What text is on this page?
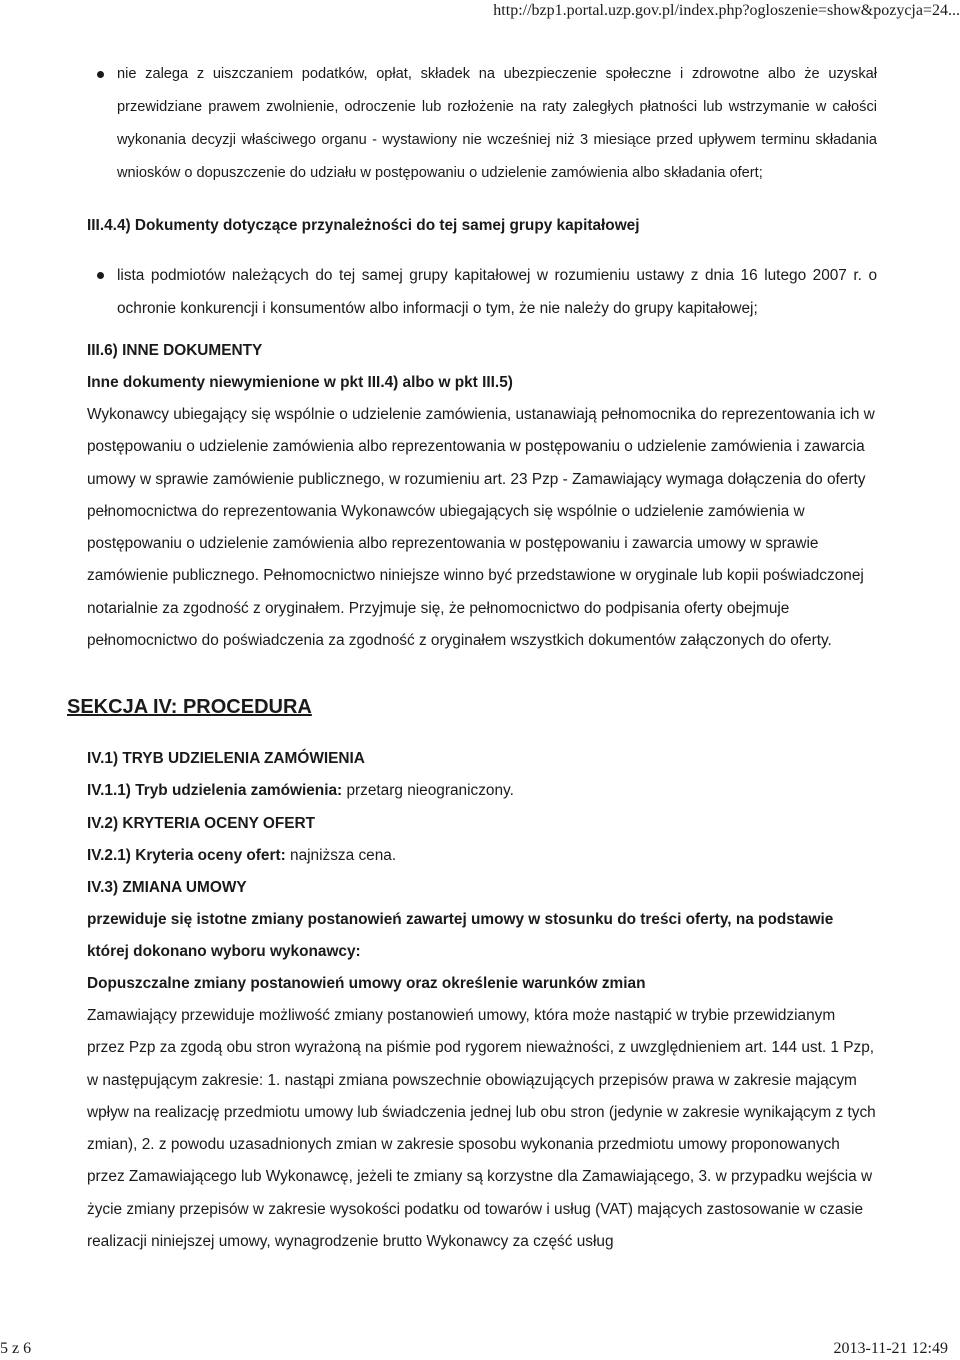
http://bzp1.portal.uzp.gov.pl/index.php?ogloszenie=show&pozycja=24...
nie zalega z uiszczaniem podatków, opłat, składek na ubezpieczenie społeczne i zdrowotne albo że uzyskał przewidziane prawem zwolnienie, odroczenie lub rozłożenie na raty zaległych płatności lub wstrzymanie w całości wykonania decyzji właściwego organu - wystawiony nie wcześniej niż 3 miesiące przed upływem terminu składania wniosków o dopuszczenie do udziału w postępowaniu o udzielenie zamówienia albo składania ofert;
III.4.4) Dokumenty dotyczące przynależności do tej samej grupy kapitałowej
lista podmiotów należących do tej samej grupy kapitałowej w rozumieniu ustawy z dnia 16 lutego 2007 r. o ochronie konkurencji i konsumentów albo informacji o tym, że nie należy do grupy kapitałowej;
III.6) INNE DOKUMENTY
Inne dokumenty niewymienione w pkt III.4) albo w pkt III.5)
Wykonawcy ubiegający się wspólnie o udzielenie zamówienia, ustanawiają pełnomocnika do reprezentowania ich w postępowaniu o udzielenie zamówienia albo reprezentowania w postępowaniu o udzielenie zamówienia i zawarcia umowy w sprawie zamówienie publicznego, w rozumieniu art. 23 Pzp - Zamawiający wymaga dołączenia do oferty pełnomocnictwa do reprezentowania Wykonawców ubiegających się wspólnie o udzielenie zamówienia w postępowaniu o udzielenie zamówienia albo reprezentowania w postępowaniu i zawarcia umowy w sprawie zamówienie publicznego. Pełnomocnictwo niniejsze winno być przedstawione w oryginale lub kopii poświadczonej notarialnie za zgodność z oryginałem. Przyjmuje się, że pełnomocnictwo do podpisania oferty obejmuje pełnomocnictwo do poświadczenia za zgodność z oryginałem wszystkich dokumentów załączonych do oferty.
SEKCJA IV: PROCEDURA
IV.1) TRYB UDZIELENIA ZAMÓWIENIA
IV.1.1) Tryb udzielenia zamówienia: przetarg nieograniczony.
IV.2) KRYTERIA OCENY OFERT
IV.2.1) Kryteria oceny ofert: najniższa cena.
IV.3) ZMIANA UMOWY
przewiduje się istotne zmiany postanowień zawartej umowy w stosunku do treści oferty, na podstawie której dokonano wyboru wykonawcy:
Dopuszczalne zmiany postanowień umowy oraz określenie warunków zmian
Zamawiający przewiduje możliwość zmiany postanowień umowy, która może nastąpić w trybie przewidzianym przez Pzp za zgodą obu stron wyrażoną na piśmie pod rygorem nieważności, z uwzględnieniem art. 144 ust. 1 Pzp, w następującym zakresie: 1. nastąpi zmiana powszechnie obowiązujących przepisów prawa w zakresie mającym wpływ na realizację przedmiotu umowy lub świadczenia jednej lub obu stron (jedynie w zakresie wynikającym z tych zmian), 2. z powodu uzasadnionych zmian w zakresie sposobu wykonania przedmiotu umowy proponowanych przez Zamawiającego lub Wykonawcę, jeżeli te zmiany są korzystne dla Zamawiającego, 3. w przypadku wejścia w życie zmiany przepisów w zakresie wysokości podatku od towarów i usług (VAT) mających zastosowanie w czasie realizacji niniejszej umowy, wynagrodzenie brutto Wykonawcy za część usług
5 z 6	2013-11-21 12:49
